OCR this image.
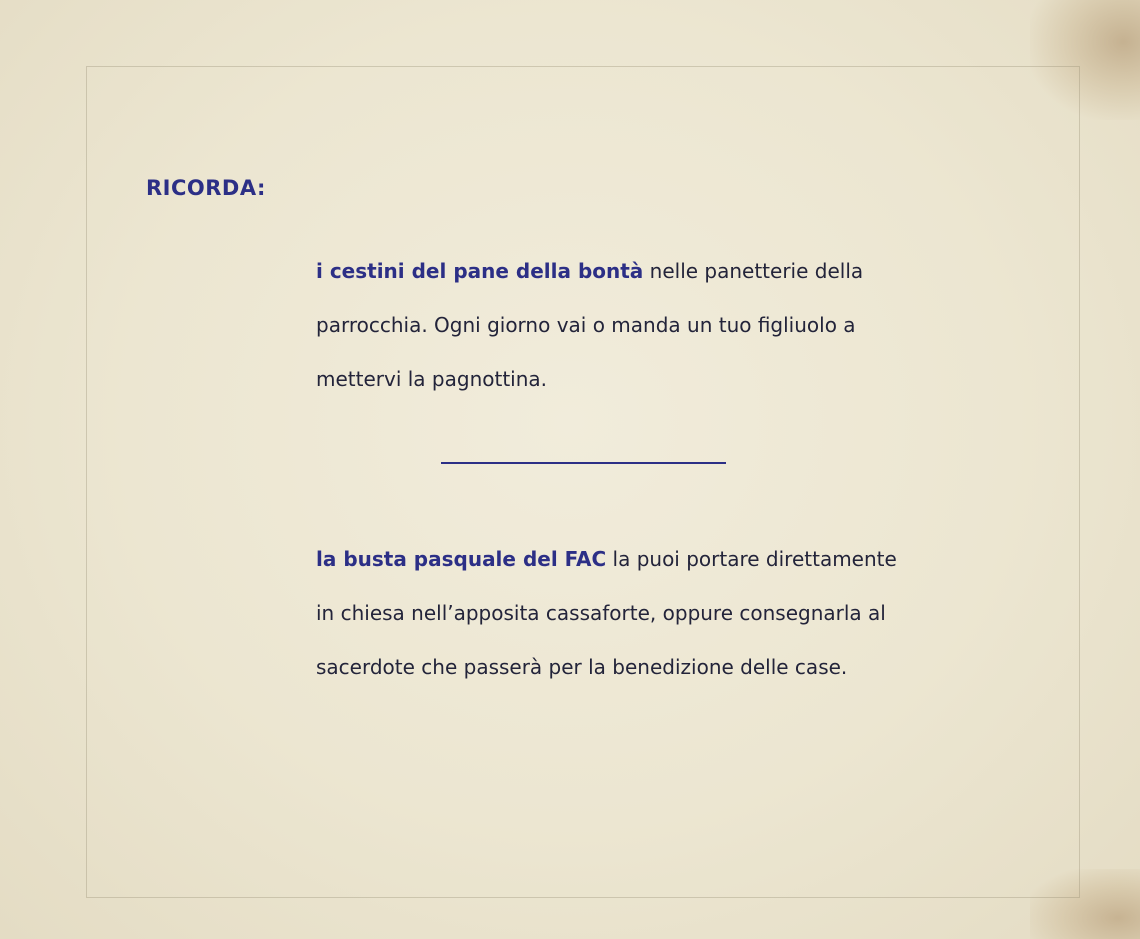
RICORDA:

i cestini del pane della bontà nelle panetterie della
parrocchia. Ogni giorno vai o manda un tuo figliuolo a
mettervi la pagnottina.

la busta pasquale del FAC la puoi portare direttamente
in chiesa nell’apposita cassaforte, oppure consegnarla al
sacerdote che passerà per la benedizione delle case.
